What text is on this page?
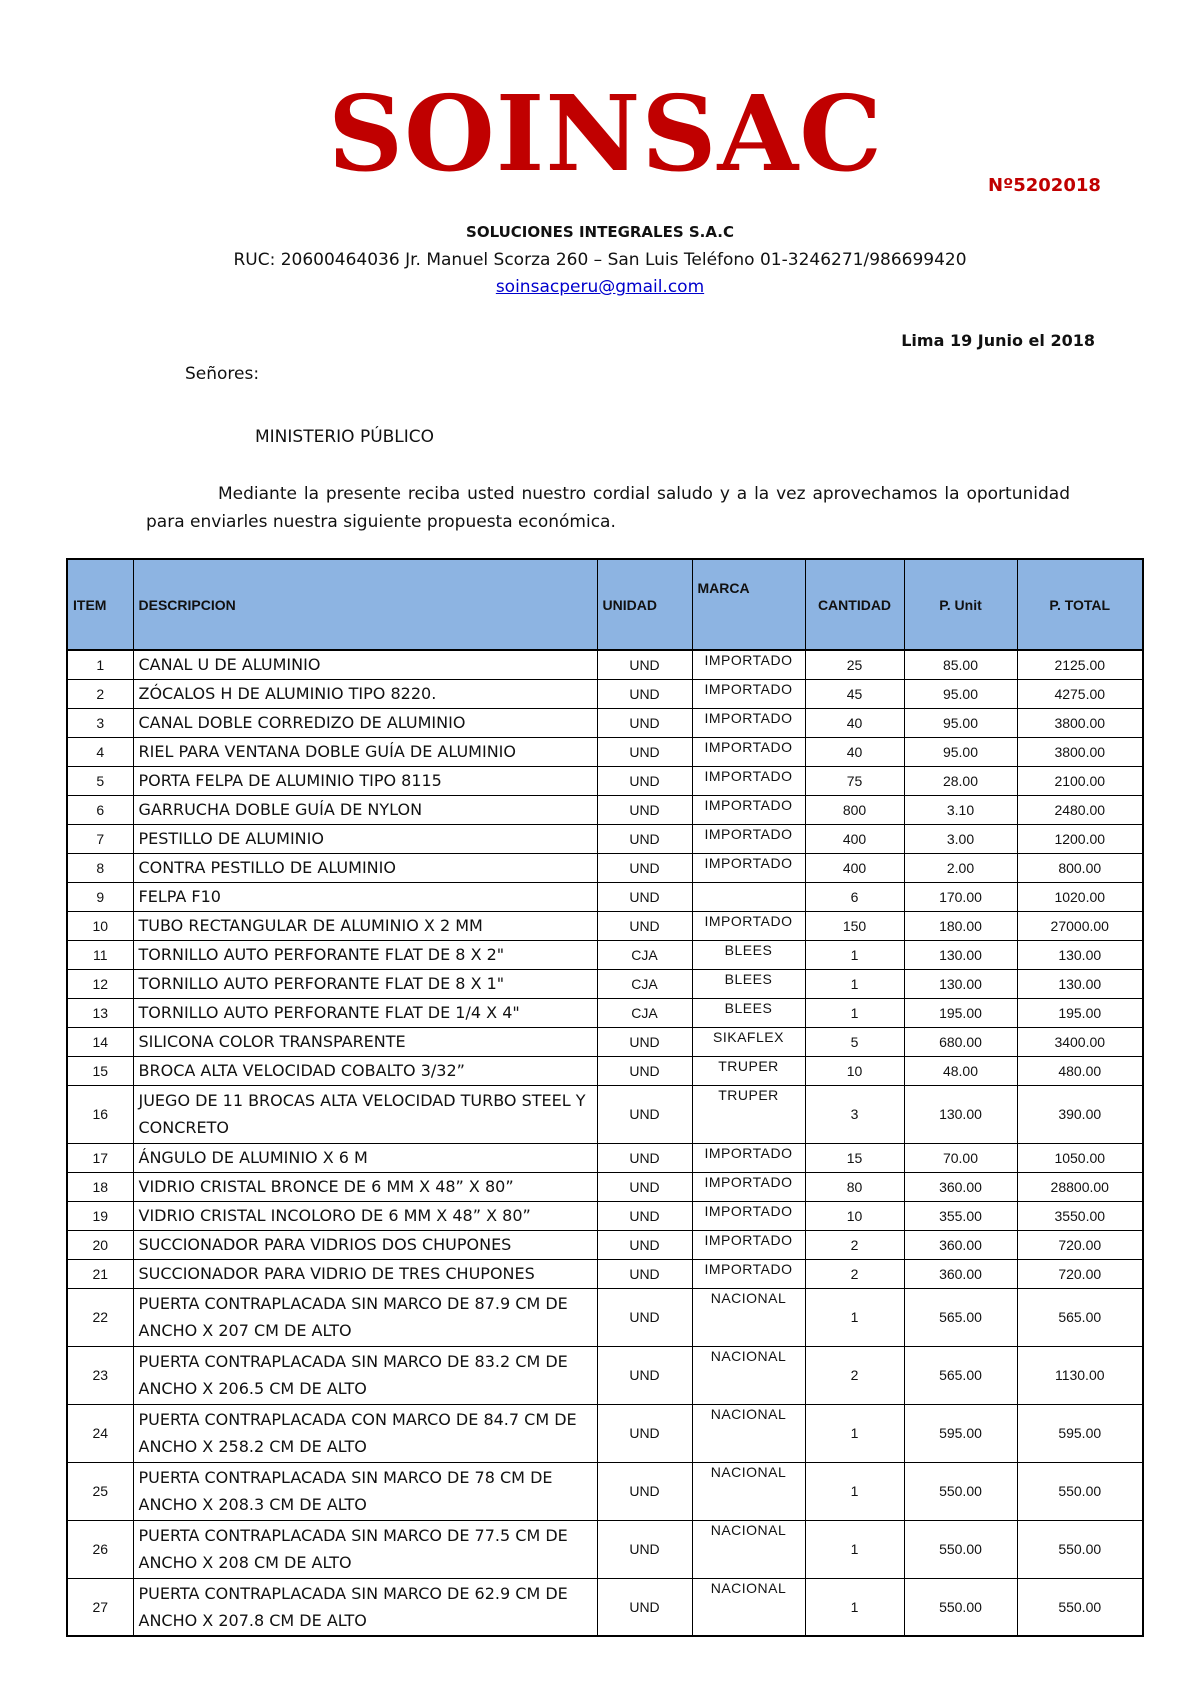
SOINSAC	Nº5202018
SOLUCIONES INTEGRALES S.A.C
RUC: 20600464036 Jr. Manuel Scorza 260 – San Luis Teléfono 01-3246271/986699420
soinsacperu@gmail.com
Lima 19 Junio el 2018
Señores:
MINISTERIO PÚBLICO
Mediante la presente reciba usted nuestro cordial saludo y a la vez aprovechamos la oportunidad para enviarles nuestra siguiente propuesta económica.
ITEM	DESCRIPCION	UNIDAD	MARCA	CANTIDAD	P. Unit	P. TOTAL
1	CANAL U DE ALUMINIO	UND	IMPORTADO	25	85.00	2125.00
2	ZÓCALOS H DE ALUMINIO TIPO 8220.	UND	IMPORTADO	45	95.00	4275.00
3	CANAL DOBLE CORREDIZO DE ALUMINIO	UND	IMPORTADO	40	95.00	3800.00
4	RIEL PARA VENTANA DOBLE GUÍA DE ALUMINIO	UND	IMPORTADO	40	95.00	3800.00
5	PORTA FELPA DE ALUMINIO TIPO 8115	UND	IMPORTADO	75	28.00	2100.00
6	GARRUCHA DOBLE GUÍA DE NYLON	UND	IMPORTADO	800	3.10	2480.00
7	PESTILLO DE ALUMINIO	UND	IMPORTADO	400	3.00	1200.00
8	CONTRA PESTILLO DE ALUMINIO	UND	IMPORTADO	400	2.00	800.00
9	FELPA F10	UND		6	170.00	1020.00
10	TUBO RECTANGULAR DE ALUMINIO X 2 MM	UND	IMPORTADO	150	180.00	27000.00
11	TORNILLO AUTO PERFORANTE FLAT DE 8 X 2"	CJA	BLEES	1	130.00	130.00
12	TORNILLO AUTO PERFORANTE FLAT DE 8 X 1"	CJA	BLEES	1	130.00	130.00
13	TORNILLO AUTO PERFORANTE FLAT DE 1/4 X 4"	CJA	BLEES	1	195.00	195.00
14	SILICONA COLOR TRANSPARENTE	UND	SIKAFLEX	5	680.00	3400.00
15	BROCA ALTA VELOCIDAD COBALTO 3/32”	UND	TRUPER	10	48.00	480.00
16	JUEGO DE 11 BROCAS ALTA VELOCIDAD TURBO STEEL Y CONCRETO	UND	TRUPER	3	130.00	390.00
17	ÁNGULO DE ALUMINIO X 6 M	UND	IMPORTADO	15	70.00	1050.00
18	VIDRIO CRISTAL BRONCE DE 6 MM X 48” X 80”	UND	IMPORTADO	80	360.00	28800.00
19	VIDRIO CRISTAL INCOLORO DE 6 MM X 48” X 80”	UND	IMPORTADO	10	355.00	3550.00
20	SUCCIONADOR PARA VIDRIOS DOS CHUPONES	UND	IMPORTADO	2	360.00	720.00
21	SUCCIONADOR PARA VIDRIO DE TRES CHUPONES	UND	IMPORTADO	2	360.00	720.00
22	PUERTA CONTRAPLACADA SIN MARCO DE 87.9 CM DE ANCHO X 207 CM DE ALTO	UND	NACIONAL	1	565.00	565.00
23	PUERTA CONTRAPLACADA SIN MARCO DE 83.2 CM DE ANCHO X 206.5 CM DE ALTO	UND	NACIONAL	2	565.00	1130.00
24	PUERTA CONTRAPLACADA CON MARCO DE 84.7 CM DE ANCHO X 258.2 CM DE ALTO	UND	NACIONAL	1	595.00	595.00
25	PUERTA CONTRAPLACADA SIN MARCO DE 78 CM DE ANCHO X 208.3 CM DE ALTO	UND	NACIONAL	1	550.00	550.00
26	PUERTA CONTRAPLACADA SIN MARCO DE 77.5 CM DE ANCHO X 208 CM DE ALTO	UND	NACIONAL	1	550.00	550.00
27	PUERTA CONTRAPLACADA SIN MARCO DE 62.9 CM DE ANCHO X 207.8 CM DE ALTO	UND	NACIONAL	1	550.00	550.00
